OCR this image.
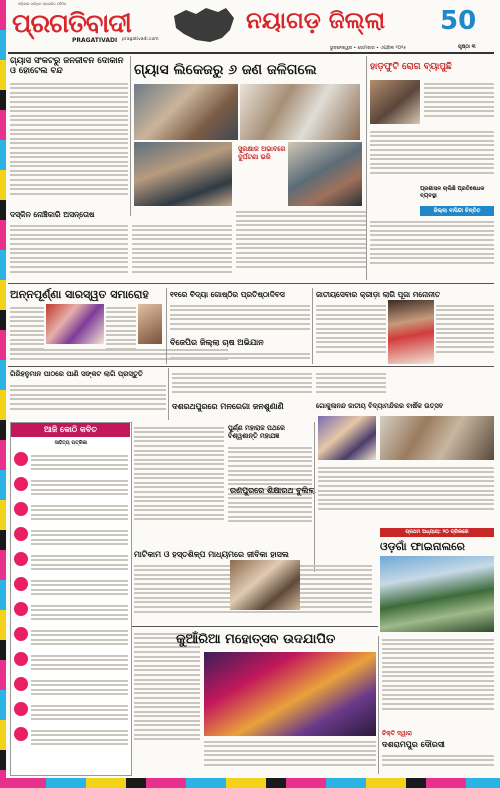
ଓଡ଼ିଶାର ସର୍ବାଧିକ ପ୍ରଚାରିତ ଦୈନିକ
ପ୍ରଗତିବାଦୀ
PRAGATIVADI pragativadi.com
ନୟାଗଡ଼ ଜିଲ୍ଲା 50
ଭୁବନେଶ୍ୱର • ସୋମବାର • ଏପ୍ରିଲ ୨୦୨୫	ପୃଷ୍ଠା ୩
ଗ୍ୟାସ ସଂକଟରୁ ଜନଜୀବନ ଦୋକାନ ଓ ହୋଟେଲ ବନ୍ଦ
ଦସ୍କିନ ନୋଞ୍ଚିକାରି ଅସନ୍ତୋଷ
ଗ୍ୟାସ ଲିକେଜରୁ ୬ ଜଣ ଜଳିଗଲେ
ସୁରକ୍ଷାର ଅଭାବରେ ଦୁର୍ଘଟଣା ଭରି
ହାଡ଼ଫୁଟି ରୋଗ ବ୍ୟାପୁଛି
ପ୍ରଶାସନ ଚାଲିଛି ପ୍ରତିଷେଧକ ବ୍ୟବସ୍ଥା
ଜିଲ୍ଲା ବାସିନ୍ଦା ଚିନ୍ତିତ
ଅନ୍ନପୂର୍ଣ୍ଣା ସାରସ୍ୱତ ସମାରୋହ	୧୧ରେ ବିଦ୍ୟା ଗୋଷ୍ଠିର ପ୍ରତିଷ୍ଠାଦିବସ
ବିଜେପିର ଜିଲ୍ଲା ଚାଷ ଅଭିଯାନ
ଜାତୀୟସେବାର କ୍ରୀଡ଼ା ଲାଗି ପୂଜା ମନୋନୀତ
ଗିରିହନୁମାନ ପାଠରେ ପାଣି ସଙ୍କଟ ଲାଗି ପ୍ରସ୍ତୁତି
ଦଶରଥପୁରରେ ମନରେଗା ଜନଶୁଣାଣି	ଗୋକୁଳାନନ୍ଦ ଜାତୀୟ ବିଦ୍ୟାମନ୍ଦିରର ବାର୍ଷିକ ଉତ୍ସବ
ଆଜି କୋଠି କବିତ
ସାହିତ୍ୟ ପତ୍ରିକା
ପୁର୍ଣ୍ଣ ମହାରାଜ ପଥରେ ବିଶ୍ୱଶାନ୍ତି ମହାଯଜ୍ଞ
ରଣପୁରରେ ଶିକ୍ଷାରଥ ବୁଲିଲା
ମାଟିକାମ ଓ ହସ୍ତଶିଳ୍ପ ମାଧ୍ୟମରେ ଜୀବିକା ହାସଲ
ପ୍ରଥମ ଅଧ୍ୟାୟ: ୨୦ ଡ୍ରିଲରେ
ଓଡ଼ଗାଁ ଫାଇନାଲରେ
କୁଆଁରିଆ ମହୋତ୍ସବ ଉଦଯାପିତ
ଚିକ୍ତି ଦ୍ୱାରା
ଦଶରାମପୁର ଦୌରସୀ
